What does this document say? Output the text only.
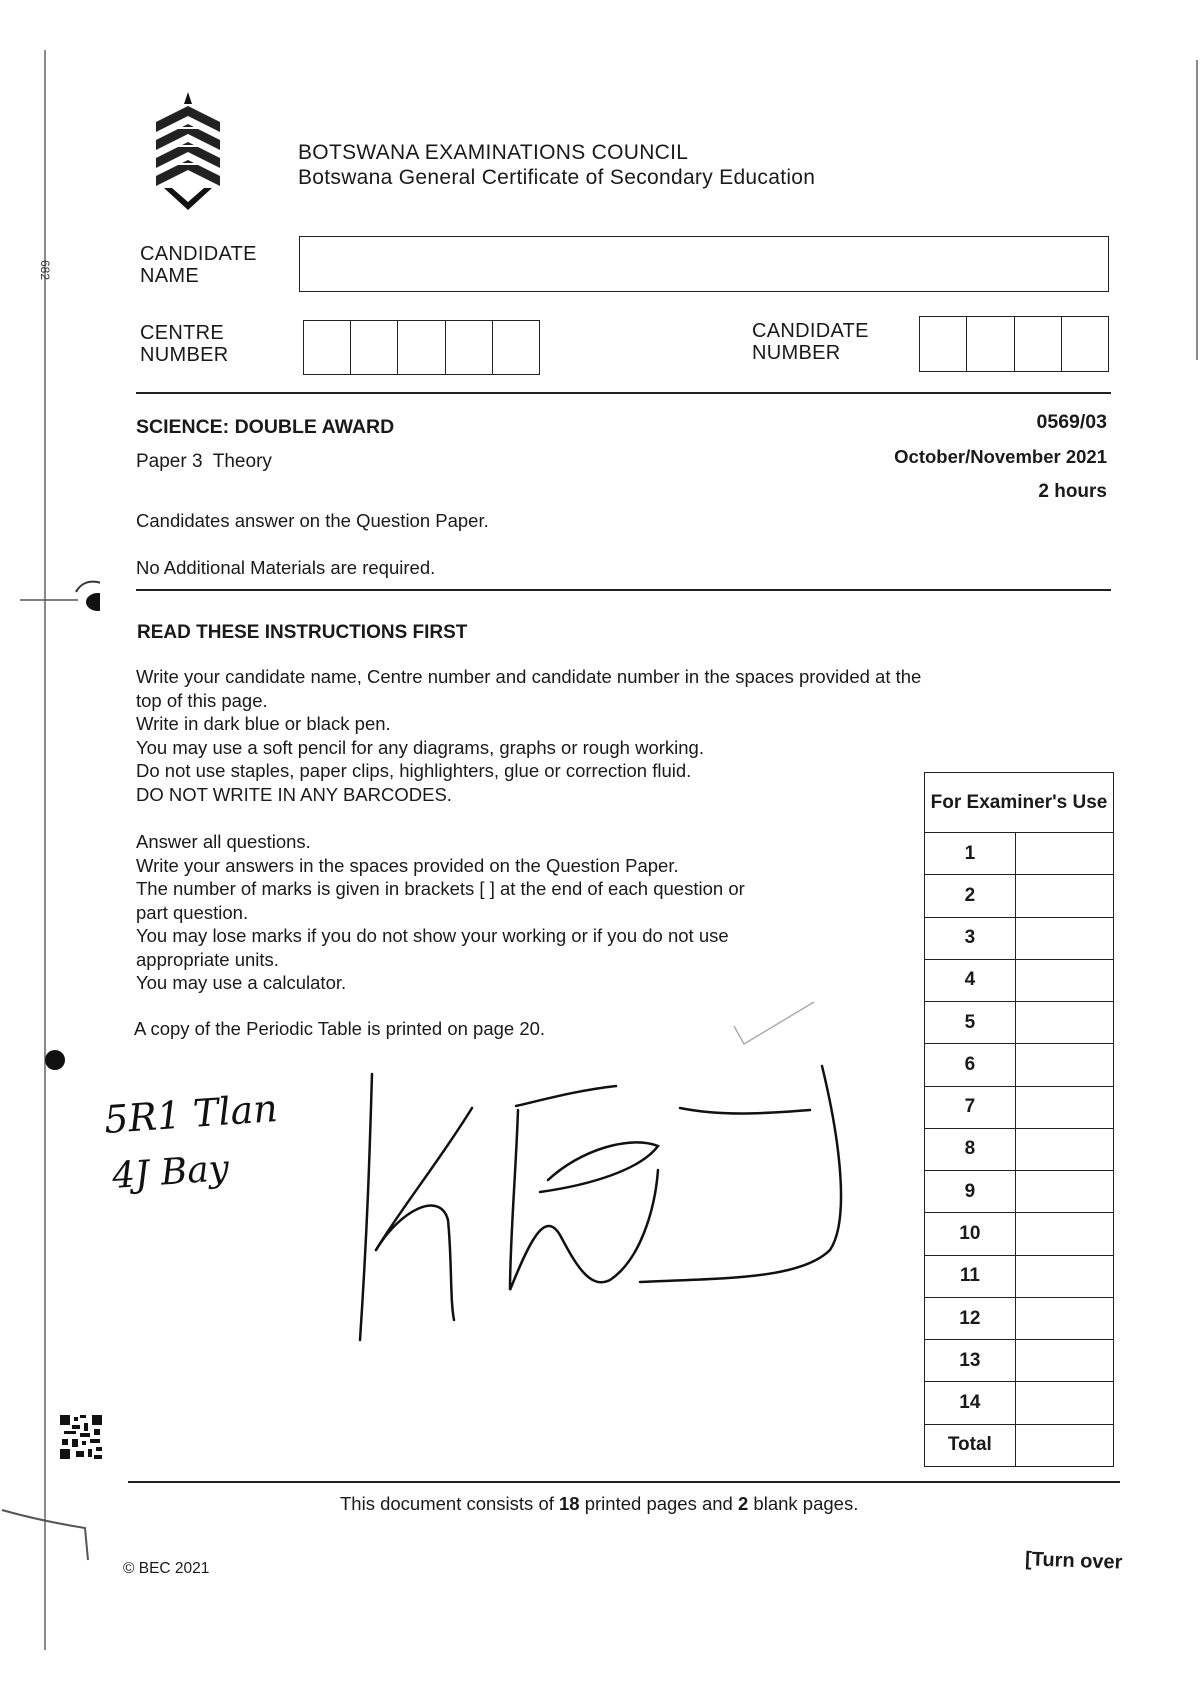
682
BOTSWANA EXAMINATIONS COUNCIL
Botswana General Certificate of Secondary Education
CANDIDATE
NAME
CENTRE
NUMBER
CANDIDATE
NUMBER
SCIENCE: DOUBLE AWARD	0569/03
Paper 3  Theory	October/November 2021
2 hours
Candidates answer on the Question Paper.
No Additional Materials are required.
READ THESE INSTRUCTIONS FIRST
Write your candidate name, Centre number and candidate number in the spaces provided at the
top of this page.
Write in dark blue or black pen.
You may use a soft pencil for any diagrams, graphs or rough working.
Do not use staples, paper clips, highlighters, glue or correction fluid.
DO NOT WRITE IN ANY BARCODES.
Answer all questions.
Write your answers in the spaces provided on the Question Paper.
The number of marks is given in brackets [ ] at the end of each question or
part question.
You may lose marks if you do not show your working or if you do not use
appropriate units.
You may use a calculator.
A copy of the Periodic Table is printed on page 20.
For Examiner's Use	
1	
2	
3	
4	
5	
6	
7	
8	
9	
10	
11	
12	
13	
14	
Total	
5R1 Tlan
4J Bay
This document consists of 18 printed pages and 2 blank pages.
© BEC 2021	[Turn over
